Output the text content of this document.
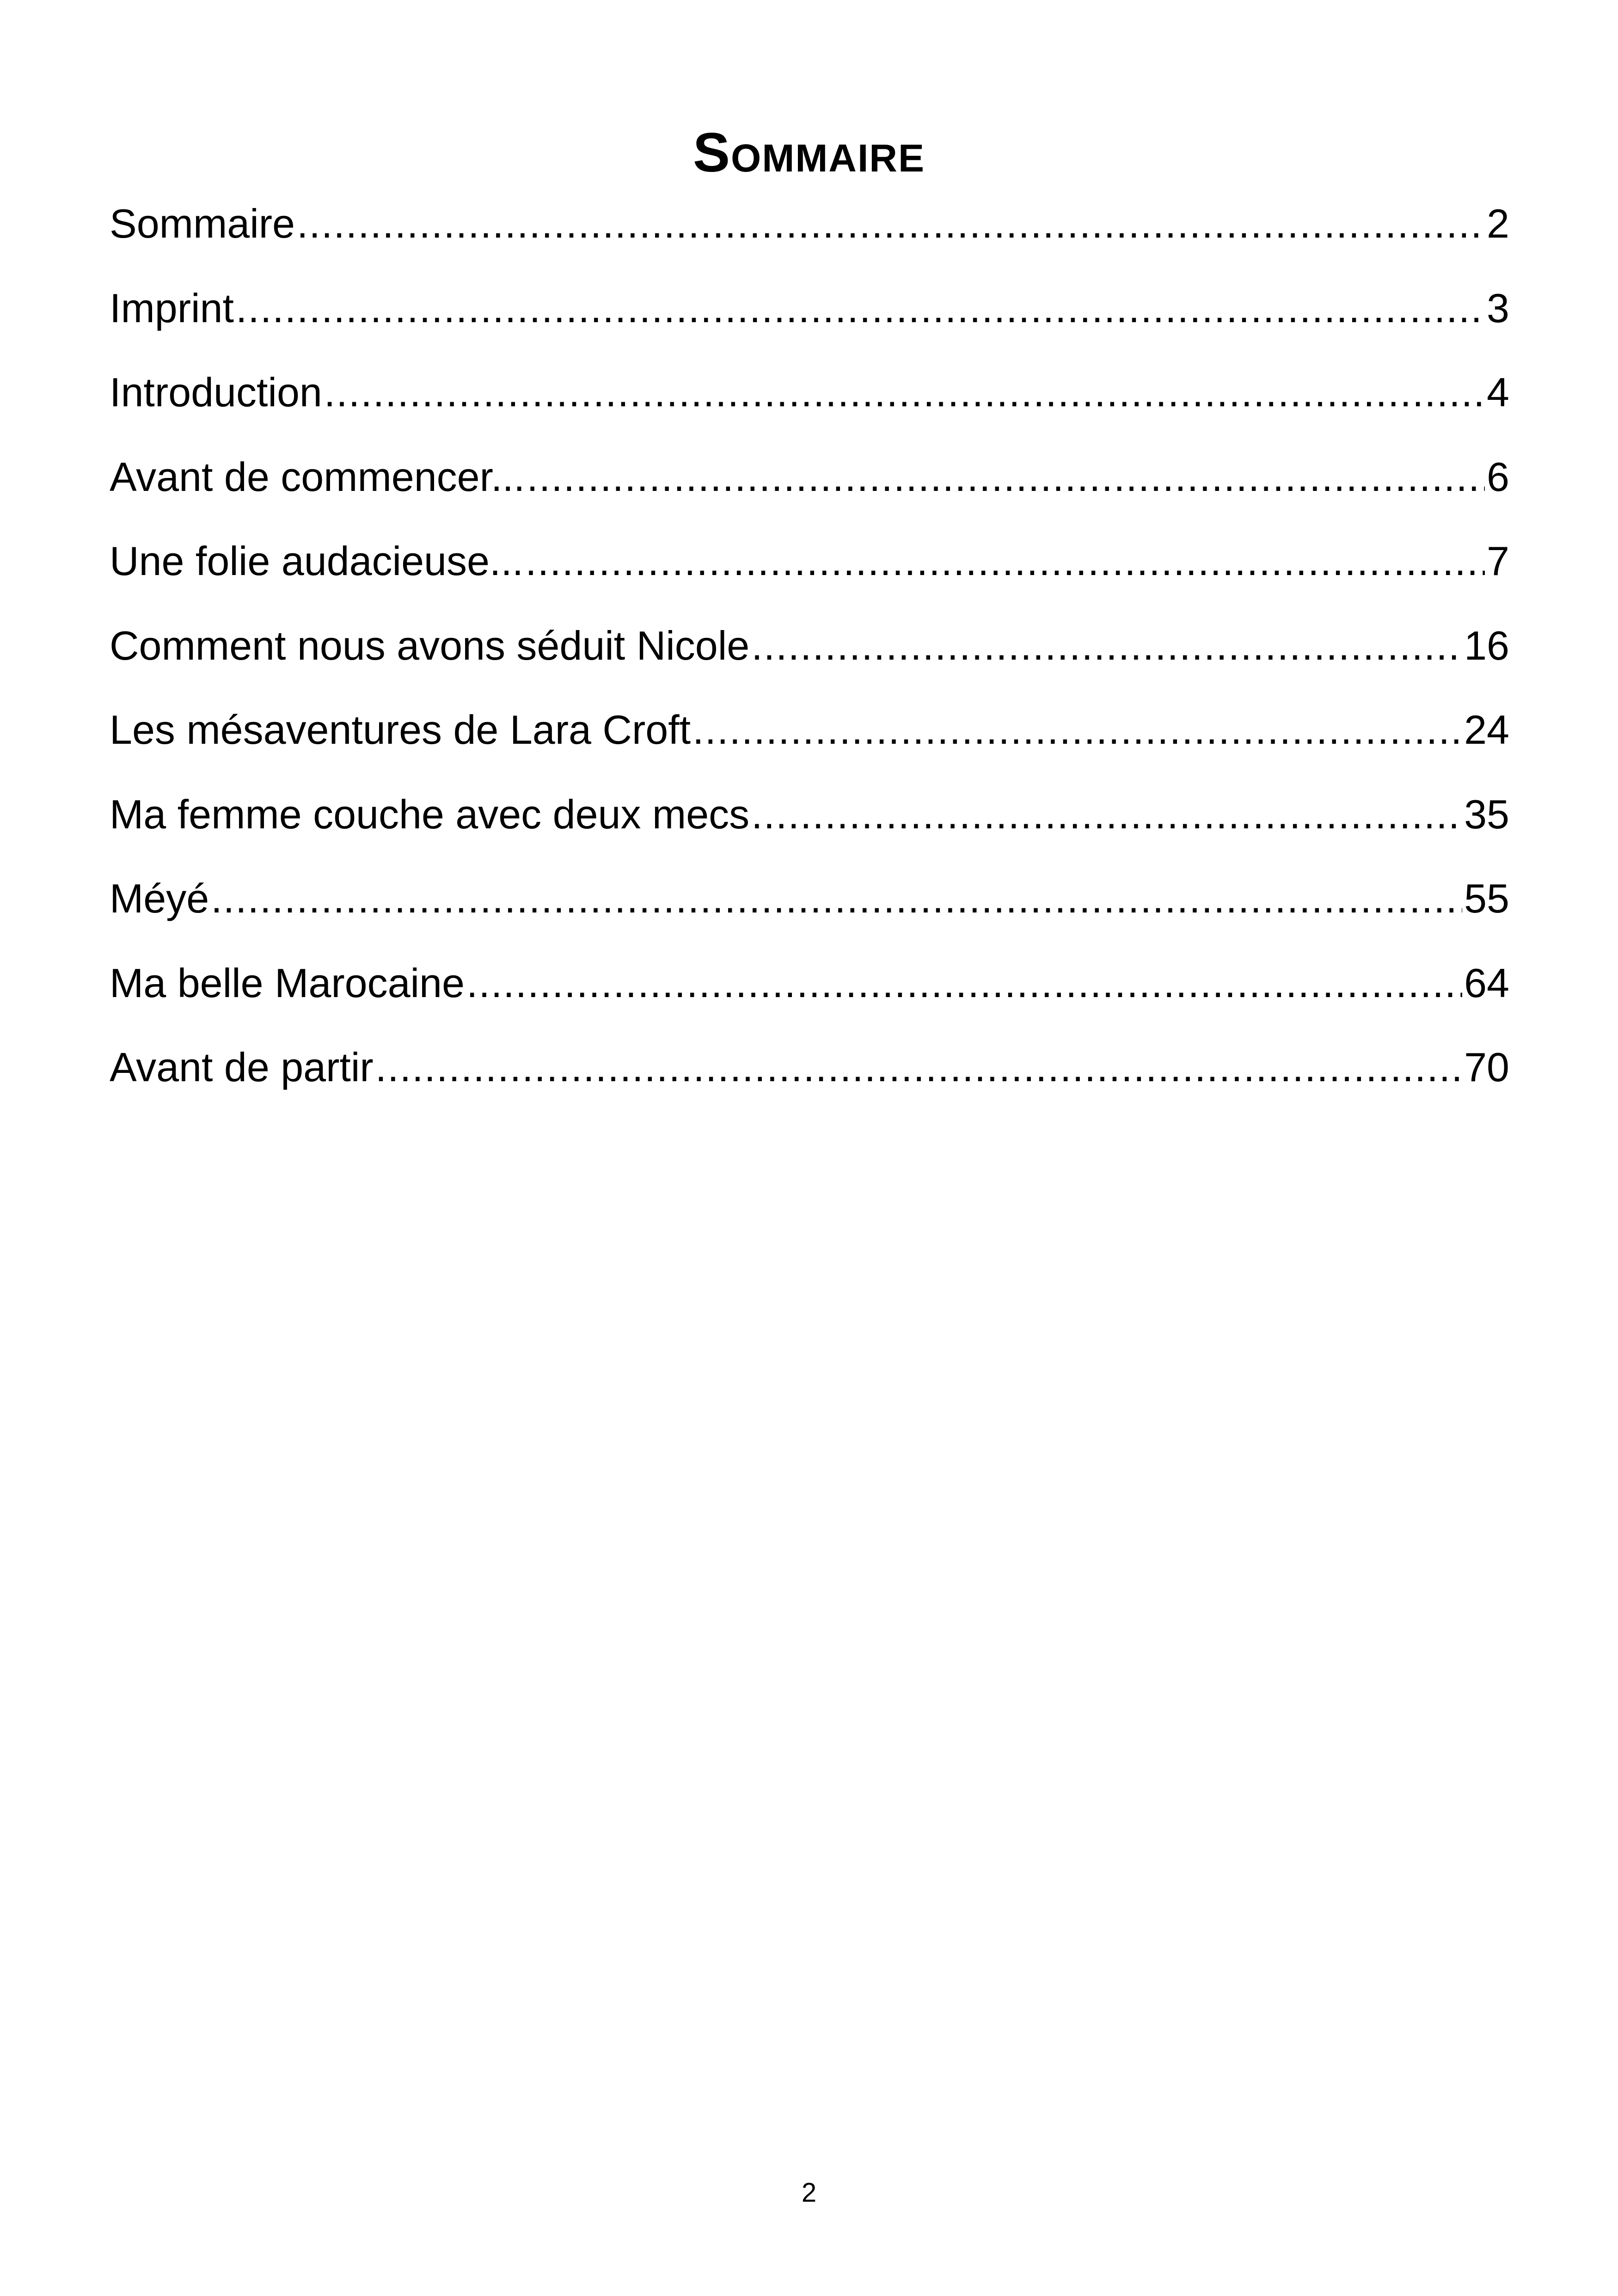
Sommaire
Sommaire .....	2
Imprint .....	3
Introduction .....	4
Avant de commencer... .....	6
Une folie audacieuse... .....	7
Comment nous avons séduit Nicole .....	16
Les mésaventures de Lara Croft .....	24
Ma femme couche avec deux mecs .....	35
Méyé .....	55
Ma belle Marocaine .....	64
Avant de partir .....	70
2
